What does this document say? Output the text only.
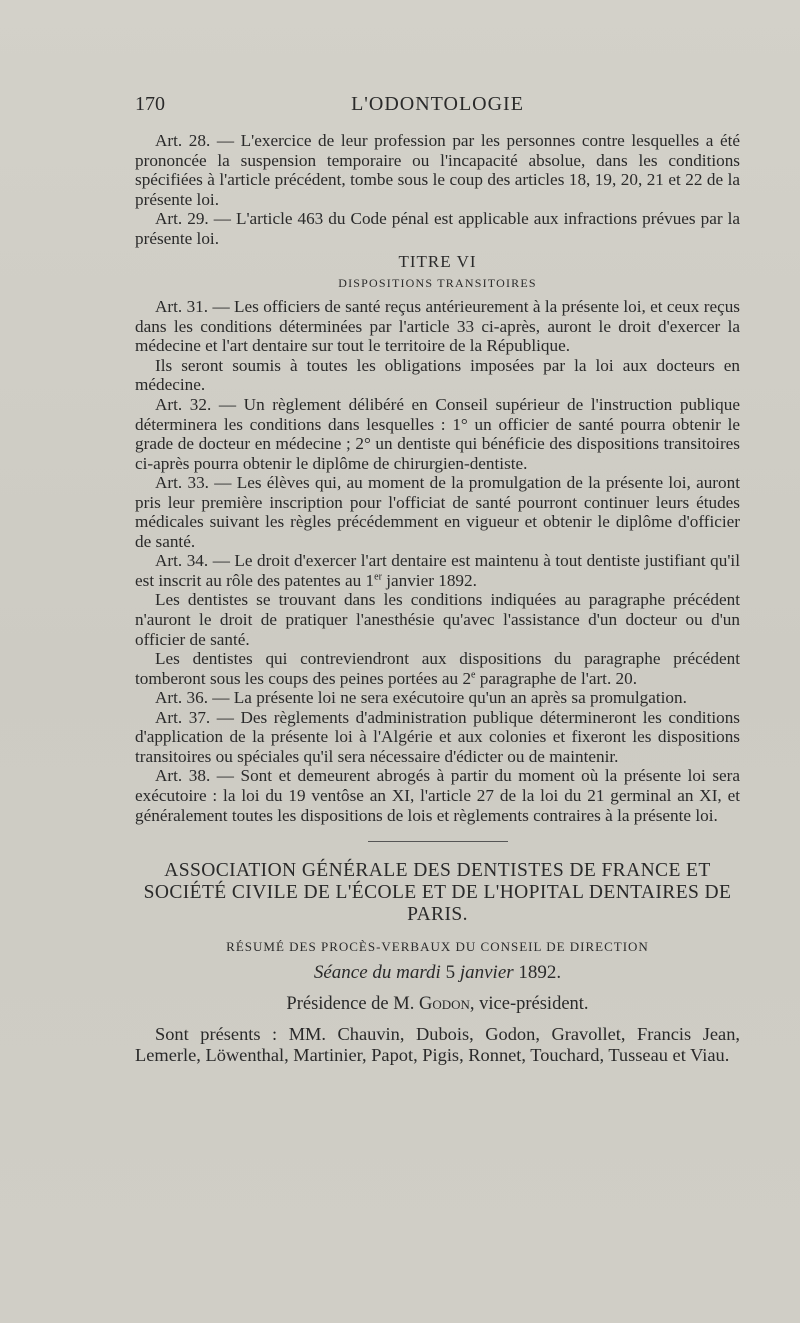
170	L'ODONTOLOGIE

Art. 28. — L'exercice de leur profession par les personnes contre lesquelles a été prononcée la suspension temporaire ou l'incapacité absolue, dans les conditions spécifiées à l'article précédent, tombe sous le coup des articles 18, 19, 20, 21 et 22 de la présente loi.

Art. 29. — L'article 463 du Code pénal est applicable aux infractions prévues par la présente loi.

TITRE VI
DISPOSITIONS TRANSITOIRES

Art. 31. — Les officiers de santé reçus antérieurement à la présente loi, et ceux reçus dans les conditions déterminées par l'article 33 ci-après, auront le droit d'exercer la médecine et l'art dentaire sur tout le territoire de la République.

Ils seront soumis à toutes les obligations imposées par la loi aux docteurs en médecine.

Art. 32. — Un règlement délibéré en Conseil supérieur de l'instruction publique déterminera les conditions dans lesquelles : 1° un officier de santé pourra obtenir le grade de docteur en médecine ; 2° un dentiste qui bénéficie des dispositions transitoires ci-après pourra obtenir le diplôme de chirurgien-dentiste.

Art. 33. — Les élèves qui, au moment de la promulgation de la présente loi, auront pris leur première inscription pour l'officiat de santé pourront continuer leurs études médicales suivant les règles précédemment en vigueur et obtenir le diplôme d'officier de santé.

Art. 34. — Le droit d'exercer l'art dentaire est maintenu à tout dentiste justifiant qu'il est inscrit au rôle des patentes au 1er janvier 1892.

Les dentistes se trouvant dans les conditions indiquées au paragraphe précédent n'auront le droit de pratiquer l'anesthésie qu'avec l'assistance d'un docteur ou d'un officier de santé.

Les dentistes qui contreviendront aux dispositions du paragraphe précédent tomberont sous les coups des peines portées au 2e paragraphe de l'art. 20.

Art. 36. — La présente loi ne sera exécutoire qu'un an après sa promulgation.

Art. 37. — Des règlements d'administration publique détermineront les conditions d'application de la présente loi à l'Algérie et aux colonies et fixeront les dispositions transitoires ou spéciales qu'il sera nécessaire d'édicter ou de maintenir.

Art. 38. — Sont et demeurent abrogés à partir du moment où la présente loi sera exécutoire : la loi du 19 ventôse an XI, l'article 27 de la loi du 21 germinal an XI, et généralement toutes les dispositions de lois et règlements contraires à la présente loi.

ASSOCIATION GÉNÉRALE DES DENTISTES DE FRANCE ET SOCIÉTÉ CIVILE DE L'ÉCOLE ET DE L'HOPITAL DENTAIRES DE PARIS.

RÉSUMÉ DES PROCÈS-VERBAUX DU CONSEIL DE DIRECTION
Séance du mardi 5 janvier 1892.
Présidence de M. Godon, vice-président.

Sont présents : MM. Chauvin, Dubois, Godon, Gravollet, Francis Jean, Lemerle, Löwenthal, Martinier, Papot, Pigis, Ronnet, Touchard, Tusseau et Viau.
